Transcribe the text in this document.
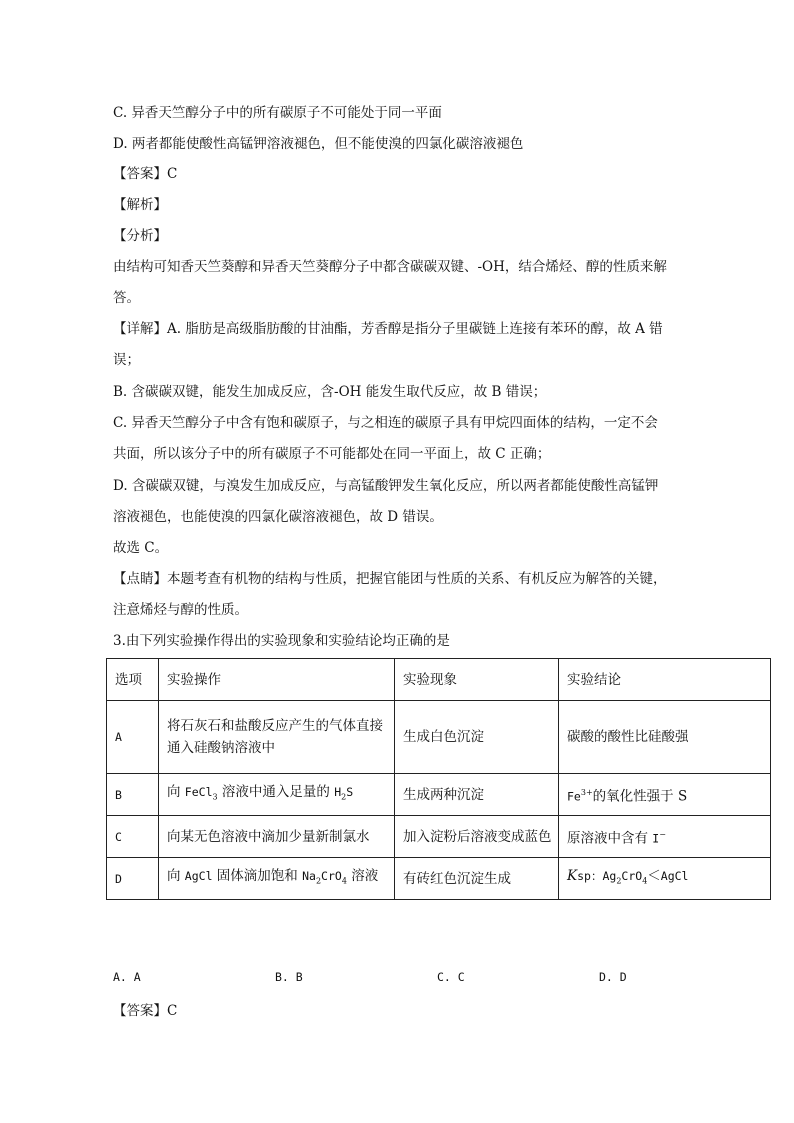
C. 异香天竺醇分子中的所有碳原子不可能处于同一平面
D. 两者都能使酸性高锰钾溶液褪色，但不能使溴的四氯化碳溶液褪色
【答案】C
【解析】
【分析】
由结构可知香天竺葵醇和异香天竺葵醇分子中都含碳碳双键、-OH，结合烯烃、醇的性质来解
答。
【详解】A. 脂肪是高级脂肪酸的甘油酯，芳香醇是指分子里碳链上连接有苯环的醇，故 A 错
误；
B. 含碳碳双键，能发生加成反应，含-OH 能发生取代反应，故 B 错误；
C. 异香天竺醇分子中含有饱和碳原子，与之相连的碳原子具有甲烷四面体的结构，一定不会
共面，所以该分子中的所有碳原子不可能都处在同一平面上，故 C 正确；
D. 含碳碳双键，与溴发生加成反应，与高锰酸钾发生氧化反应，所以两者都能使酸性高锰钾
溶液褪色，也能使溴的四氯化碳溶液褪色，故 D 错误。
故选 C。
【点睛】本题考查有机物的结构与性质，把握官能团与性质的关系、有机反应为解答的关键，
注意烯烃与醇的性质。
3.由下列实验操作得出的实验现象和实验结论均正确的是
选项	实验操作	实验现象	实验结论
A	将石灰石和盐酸反应产生的气体直接
通入硅酸钠溶液中	生成白色沉淀	碳酸的酸性比硅酸强
B	向 FeCl$_3$ 溶液中通入足量的 $H_2S$	生成两种沉淀	$Fe^{3+}$的氧化性强于 S
C	向某无色溶液中滴加少量新制氯水	加入淀粉后溶液变成蓝色	原溶液中含有 I−
D	向 AgCl 固体滴加饱和 $Na_2CrO_4$ 溶液	有砖红色沉淀生成	Ksp：$Ag_2CrO_4<AgCl$
A. A	B. B	C. C	D. D
【答案】C
